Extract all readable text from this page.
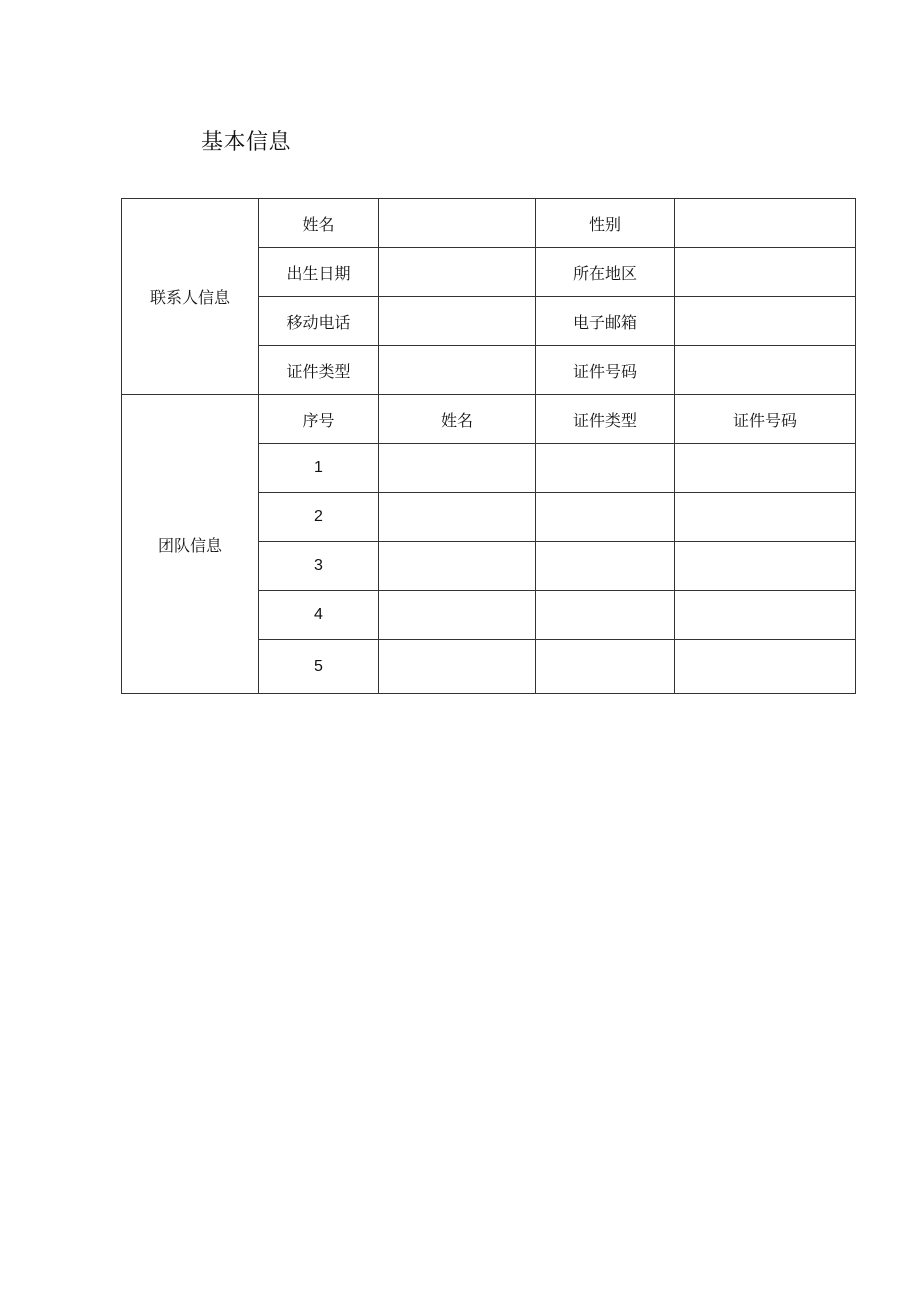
基本信息
联系人信息	姓名		性别	
	出生日期		所在地区	
	移动电话		电子邮箱	
	证件类型		证件号码	
团队信息	序号	姓名	证件类型	证件号码
	1			
	2			
	3			
	4			
	5			
